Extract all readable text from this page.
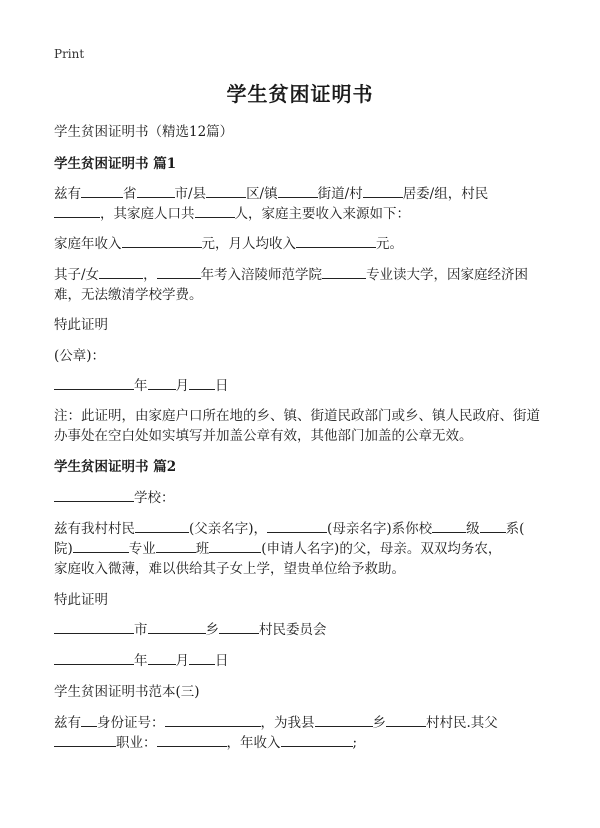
Print
学生贫困证明书
学生贫困证明书（精选12篇）
学生贫困证明书 篇1
兹有	省	市/县	区/镇	街道/村	居委/组，村民
，其家庭人口共	人，家庭主要收入来源如下：
家庭年收入	元，月人均收入	元。
其子/女	，	年考入涪陵师范学院	专业读大学，因家庭经济困
难，无法缴清学校学费。
特此证明
(公章)：
年 月 日
注：此证明，由家庭户口所在地的乡、镇、街道民政部门或乡、镇人民政府、街道
办事处在空白处如实填写并加盖公章有效，其他部门加盖的公章无效。
学生贫困证明书 篇2
学校：
兹有我村村民	(父亲名字)，	(母亲名字)系你校	级 系(
院)	专业	班	(申请人名字)的父，母亲。双双均务农，
家庭收入微薄，难以供给其子女上学，望贵单位给予救助。
特此证明
市	乡	村民委员会
年 月 日
学生贫困证明书范本(三)
兹有 身份证号：	，为我县	乡	村村民.其父
职业：	，年收入	;
